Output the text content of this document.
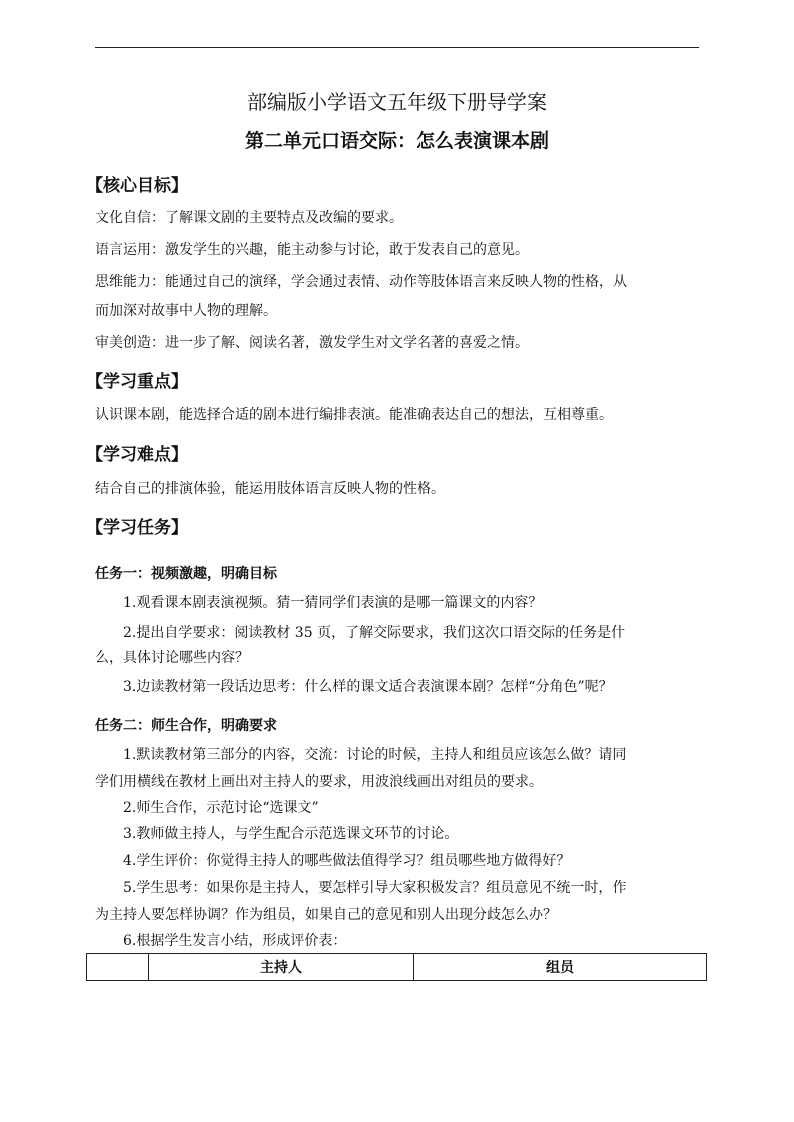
部编版小学语文五年级下册导学案
第二单元口语交际：怎么表演课本剧
【核心目标】
文化自信：了解课文剧的主要特点及改编的要求。
语言运用：激发学生的兴趣，能主动参与讨论，敢于发表自己的意见。
思维能力：能通过自己的演绎，学会通过表情、动作等肢体语言来反映人物的性格，从
而加深对故事中人物的理解。
审美创造：进一步了解、阅读名著，激发学生对文学名著的喜爱之情。
【学习重点】
认识课本剧，能选择合适的剧本进行编排表演。能准确表达自己的想法，互相尊重。
【学习难点】
结合自己的排演体验，能运用肢体语言反映人物的性格。
【学习任务】
任务一：视频激趣，明确目标
1.观看课本剧表演视频。猜一猜同学们表演的是哪一篇课文的内容？
2.提出自学要求：阅读教材 35 页，了解交际要求，我们这次口语交际的任务是什
么，具体讨论哪些内容？
3.边读教材第一段话边思考：什么样的课文适合表演课本剧？怎样“分角色”呢？
任务二：师生合作，明确要求
1.默读教材第三部分的内容，交流：讨论的时候，主持人和组员应该怎么做？请同
学们用横线在教材上画出对主持人的要求，用波浪线画出对组员的要求。
2.师生合作，示范讨论“选课文”
3.教师做主持人，与学生配合示范选课文环节的讨论。
4.学生评价：你觉得主持人的哪些做法值得学习？组员哪些地方做得好？
5.学生思考：如果你是主持人，要怎样引导大家积极发言？组员意见不统一时，作
为主持人要怎样协调？作为组员，如果自己的意见和别人出现分歧怎么办？
6.根据学生发言小结，形成评价表：
	主持人	组员
